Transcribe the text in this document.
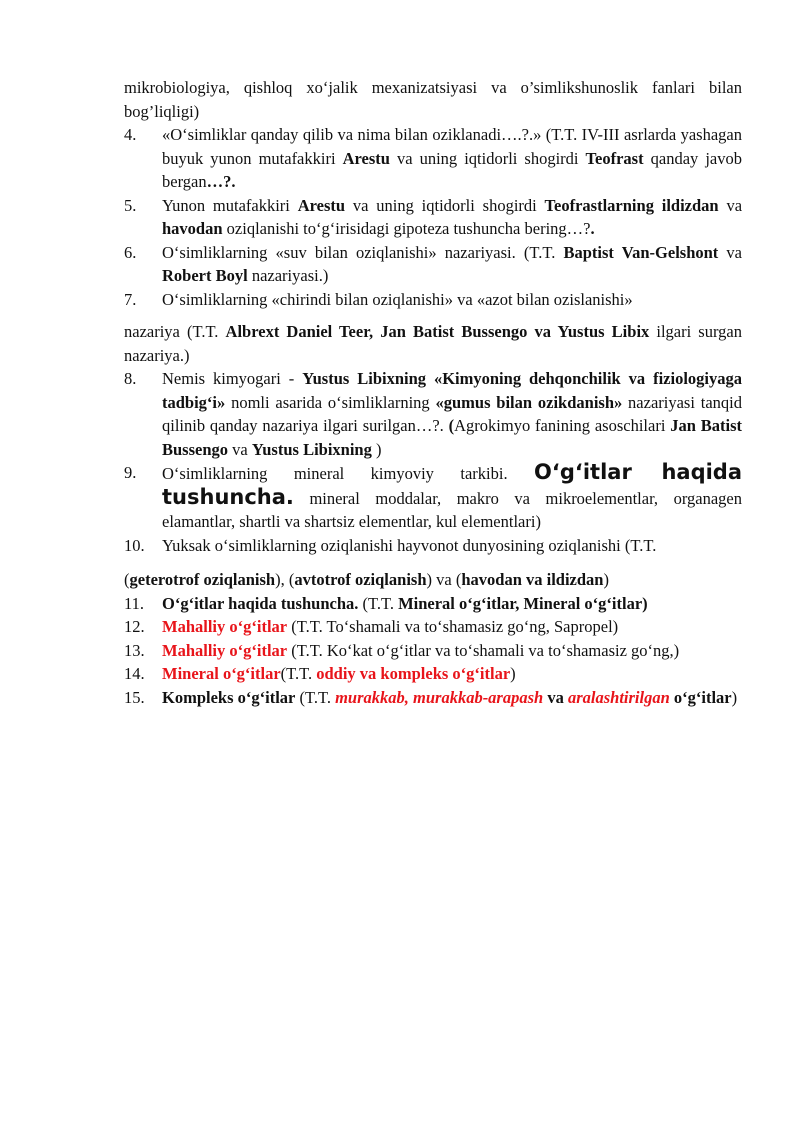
mikrobiologiya, qishloq xo‘jalik mexanizatsiyasi va o’simlikshunoslik fanlari bilan bog’liqligi)
4.	«O‘simliklar qanday qilib va nima bilan oziklanadi….?.» (T.T. IV-III asrlarda yashagan buyuk yunon mutafakkiri Arestu va uning iqtidorli shogirdi Teofrast qanday javob bergan…?.
5.	Yunon mutafakkiri Arestu va uning iqtidorli shogirdi Teofrastlarning ildizdan va havodan oziqlanishi to‘g‘irisidagi gipoteza tushuncha bering…?.
6.	O‘simliklarning «suv bilan oziqlanishi» nazariyasi. (T.T. Baptist Van-Gelshont va Robert Boyl nazariyasi.)
7.	O‘simliklarning «chirindi bilan oziqlanishi» va «azot bilan ozislanishi»
nazariya (T.T. Albrext Daniel Teer, Jan Batist Bussengo va Yustus Libix ilgari surgan nazariya.)
8.	Nemis kimyogari - Yustus Libixning «Kimyoning dehqonchilik va fiziologiyaga tadbig‘i» nomli asarida o‘simliklarning «gumus bilan ozikdanish» nazariyasi tanqid qilinib qanday nazariya ilgari surilgan…?. (Agrokimyo fanining asoschilari Jan Batist Bussengo va Yustus Libixning )
9.	O‘simliklarning mineral kimyoviy tarkibi. O‘g‘itlar haqida tushuncha. mineral moddalar, makro va mikroelementlar, organagen elamantlar, shartli va shartsiz elementlar, kul elementlari)
10.	Yuksak o‘simliklarning oziqlanishi hayvonot dunyosining oziqlanishi (T.T.
(geterotrof oziqlanish), (avtotrof oziqlanish) va (havodan va ildizdan)
11.	O‘g‘itlar haqida tushuncha. (T.T. Mineral o‘g‘itlar, Mineral o‘g‘itlar)
12.	Mahalliy o‘g‘itlar (T.T. To‘shamali va to‘shamasiz go‘ng, Sapropel)
13.	Mahalliy o‘g‘itlar (T.T. Ko‘kat o‘g‘itlar va to‘shamali va to‘shamasiz go‘ng,)
14.	Mineral o‘g‘itlar(T.T. oddiy va kompleks o‘g‘itlar)
15.	Kompleks o‘g‘itlar (T.T. murakkab, murakkab-arapash va aralashtirilgan o‘g‘itlar)
